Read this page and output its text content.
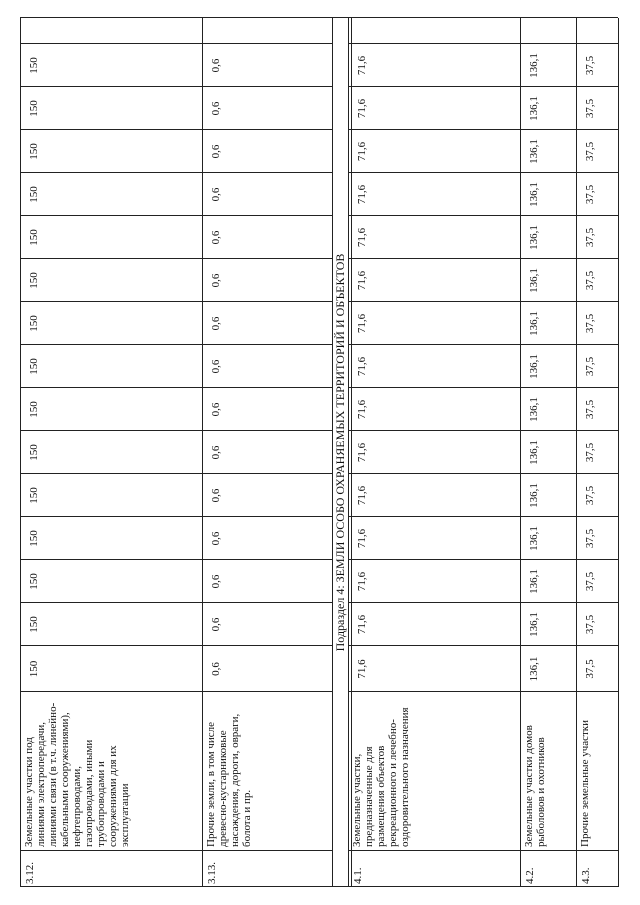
3.12.
Земельные участки под линиями электропередачи, линиями связи (в т.ч. линейно-кабельными сооружениями), нефтепроводами, газопроводами, иными трубопроводами и сооружениями для их эксплуатации
150
150
150
150
150
150
150
150
150
150
150
150
150
150
150
3.13.
Прочие земли, в том числе древесно-кустарниковые насаждения, дороги, овраги, болота и пр.
0,6
0,6
0,6
0,6
0,6
0,6
0,6
0,6
0,6
0,6
0,6
0,6
0,6
0,6
0,6
4.1.
Земельные участки, предназначенные для размещения объектов рекреационного и лечебно-оздоровительного назначения
71,6
71,6
71,6
71,6
71,6
71,6
71,6
71,6
71,6
71,6
71,6
71,6
71,6
71,6
71,6
4.2.
Земельные участки домов рыболовов и охотников
136,1
136,1
136,1
136,1
136,1
136,1
136,1
136,1
136,1
136,1
136,1
136,1
136,1
136,1
136,1
4.3.
Прочие земельные участки
37,5
37,5
37,5
37,5
37,5
37,5
37,5
37,5
37,5
37,5
37,5
37,5
37,5
37,5
37,5
Подраздел 4: ЗЕМЛИ ОСОБО ОХРАНЯЕМЫХ ТЕРРИТОРИЙ И ОБЪЕКТОВ
